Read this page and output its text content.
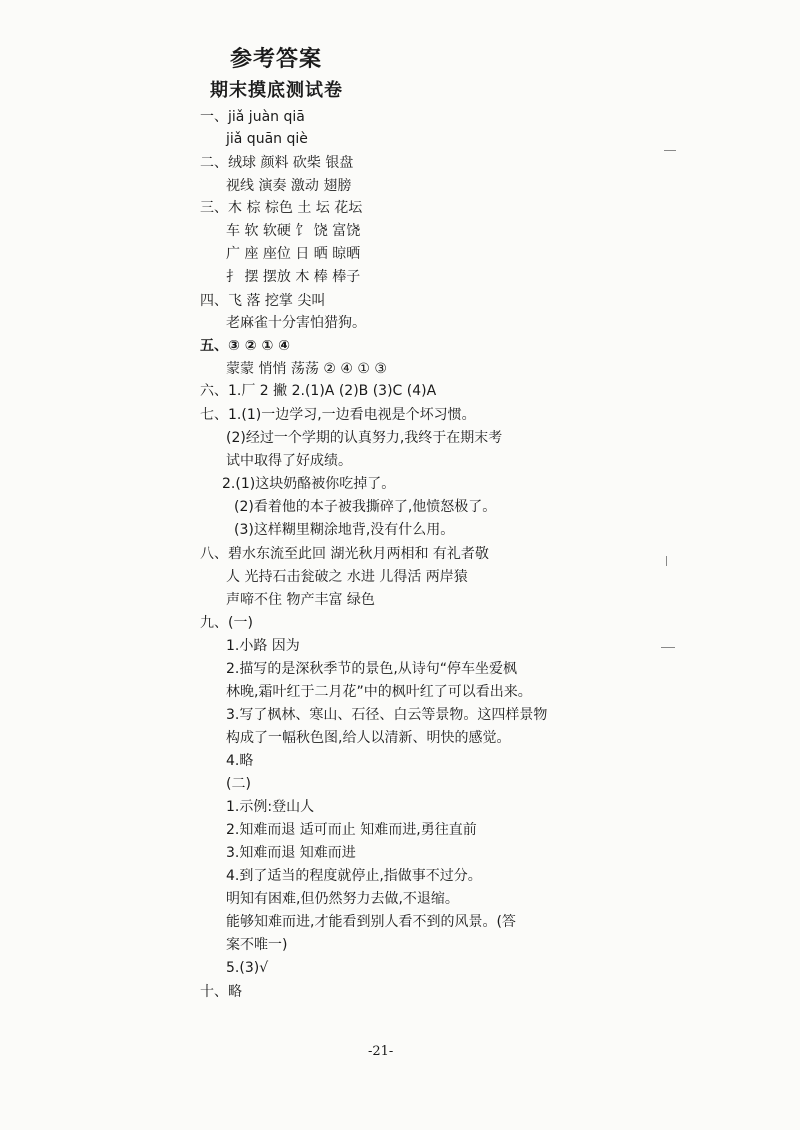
参考答案
期末摸底测试卷
一、jiǎ juàn qiā
jiǎ quān qiè
二、绒球 颜料 砍柴 银盘
视线 演奏 激动 翅膀
三、木 棕 棕色 土 坛 花坛
车 软 软硬 饣 饶 富饶
广 座 座位 日 晒 晾晒
扌 摆 摆放 木 棒 棒子
四、飞 落 挖掌 尖叫
老麻雀十分害怕猎狗。
五、③ ② ① ④
蒙蒙 悄悄 荡荡 ② ④ ① ③
六、1.厂 2 撇 2.(1)A (2)B (3)C (4)A
七、1.(1)一边学习,一边看电视是个坏习惯。
(2)经过一个学期的认真努力,我终于在期末考
试中取得了好成绩。
2.(1)这块奶酪被你吃掉了。
(2)看着他的本子被我撕碎了,他愤怒极了。
(3)这样糊里糊涂地背,没有什么用。
八、碧水东流至此回 湖光秋月两相和 有礼者敬
人 光持石击瓮破之 水进 儿得活 两岸猿
声啼不住 物产丰富 绿色
九、(一)
1.小路 因为
2.描写的是深秋季节的景色,从诗句“停车坐爱枫
林晚,霜叶红于二月花”中的枫叶红了可以看出来。
3.写了枫林、寒山、石径、白云等景物。这四样景物
构成了一幅秋色图,给人以清新、明快的感觉。
4.略
(二)
1.示例:登山人
2.知难而退 适可而止 知难而进,勇往直前
3.知难而退 知难而进
4.到了适当的程度就停止,指做事不过分。
明知有困难,但仍然努力去做,不退缩。
能够知难而进,才能看到别人看不到的风景。(答
案不唯一)
5.(3)√
十、略
-21-
